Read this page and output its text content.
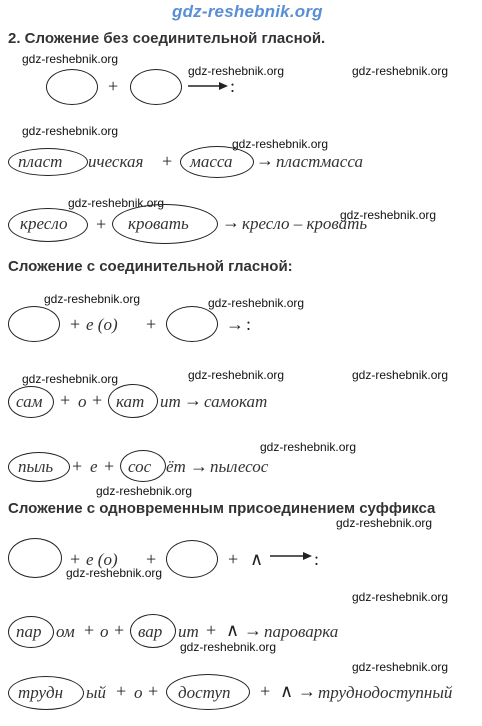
gdz-reshebnik.org
2. Сложение без соединительной гласной.
gdz-reshebnik.org
gdz-reshebnik.org	gdz-reshebnik.org
+	:
gdz-reshebnik.org
gdz-reshebnik.org
пласт ическая + масса → пластмасса
gdz-reshebnik.org
gdz-reshebnik.org
кресло + кровать → кресло – кровать
Сложение с соединительной гласной:
gdz-reshebnik.org	gdz-reshebnik.org
+ е (о) +	→ :
gdz-reshebnik.org	gdz-reshebnik.org	gdz-reshebnik.org
сам + о + кат ит → самокат
gdz-reshebnik.org
пыль + е + сос ёт → пылесос
gdz-reshebnik.org
Сложение с одновременным присоединением суффикса
gdz-reshebnik.org
+ е (о) +	+ ∧	:
gdz-reshebnik.org
gdz-reshebnik.org
пар ом + о + вар ит + ∧ → пароварка
gdz-reshebnik.org
gdz-reshebnik.org
трудн ый + о + доступ + ∧ → труднодоступный
